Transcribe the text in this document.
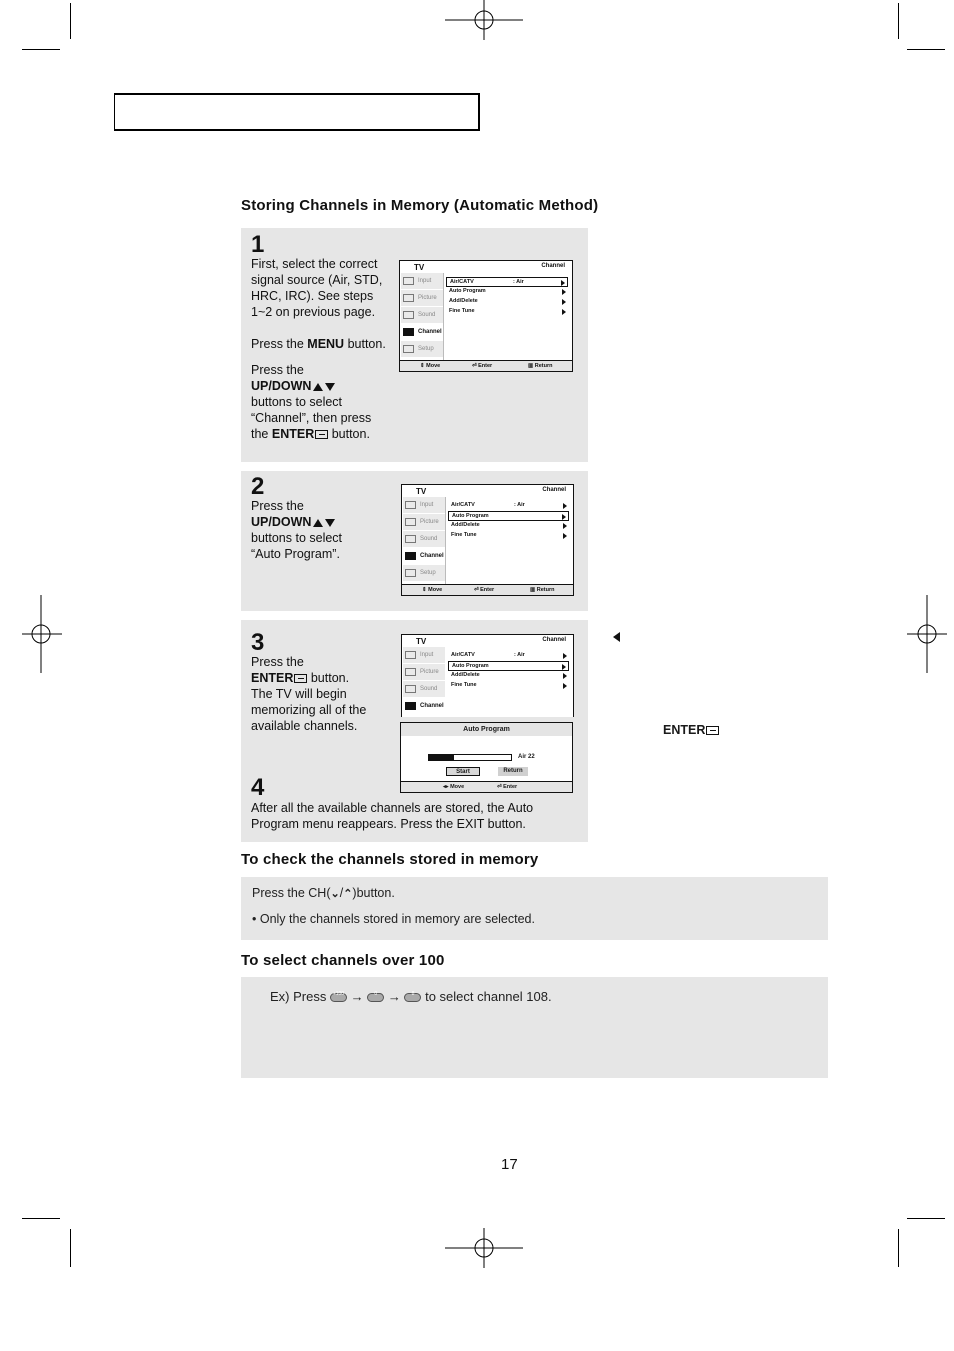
Storing Channels in Memory (Automatic Method)
1

First, select the correct signal source (Air, STD, HRC, IRC). See steps 1~2 on previous page.

Press the MENU button.

Press the
UP/DOWN
buttons to select
“Channel”, then press
the ENTER button.

TV	Channel
Input
Picture
Sound
Channel
Setup
Air/CATV	: Air
Auto Program
Add/Delete
Fine Tune
⇕ Move	⏎ Enter	▥ Return
2
Press the
UP/DOWN
buttons to select
“Auto Program”.
TV	Channel
Input
Picture
Sound
Channel
Setup
Air/CATV	: Air
Auto Program
Add/Delete
Fine Tune
⇕ Move	⏎ Enter	▥ Return
3
Press the
ENTER button.
The TV will begin
memorizing all of the
available channels.
TV	Channel
Input
Picture
Sound
Channel
Air/CATV	: Air
Auto Program
Add/Delete
Fine Tune
Auto Program
Air 22
Start	Return
◂▸ Move	⏎ Enter
4
After all the available channels are stored, the Auto Program menu reappears. Press the EXIT button.
ENTER
To check the channels stored in memory
Press the CH(⌄/⌃)button.
• Only the channels stored in memory are selected.
To select channels over 100
Ex) Press	+100 →	0 →	8 to select channel 108.
17
